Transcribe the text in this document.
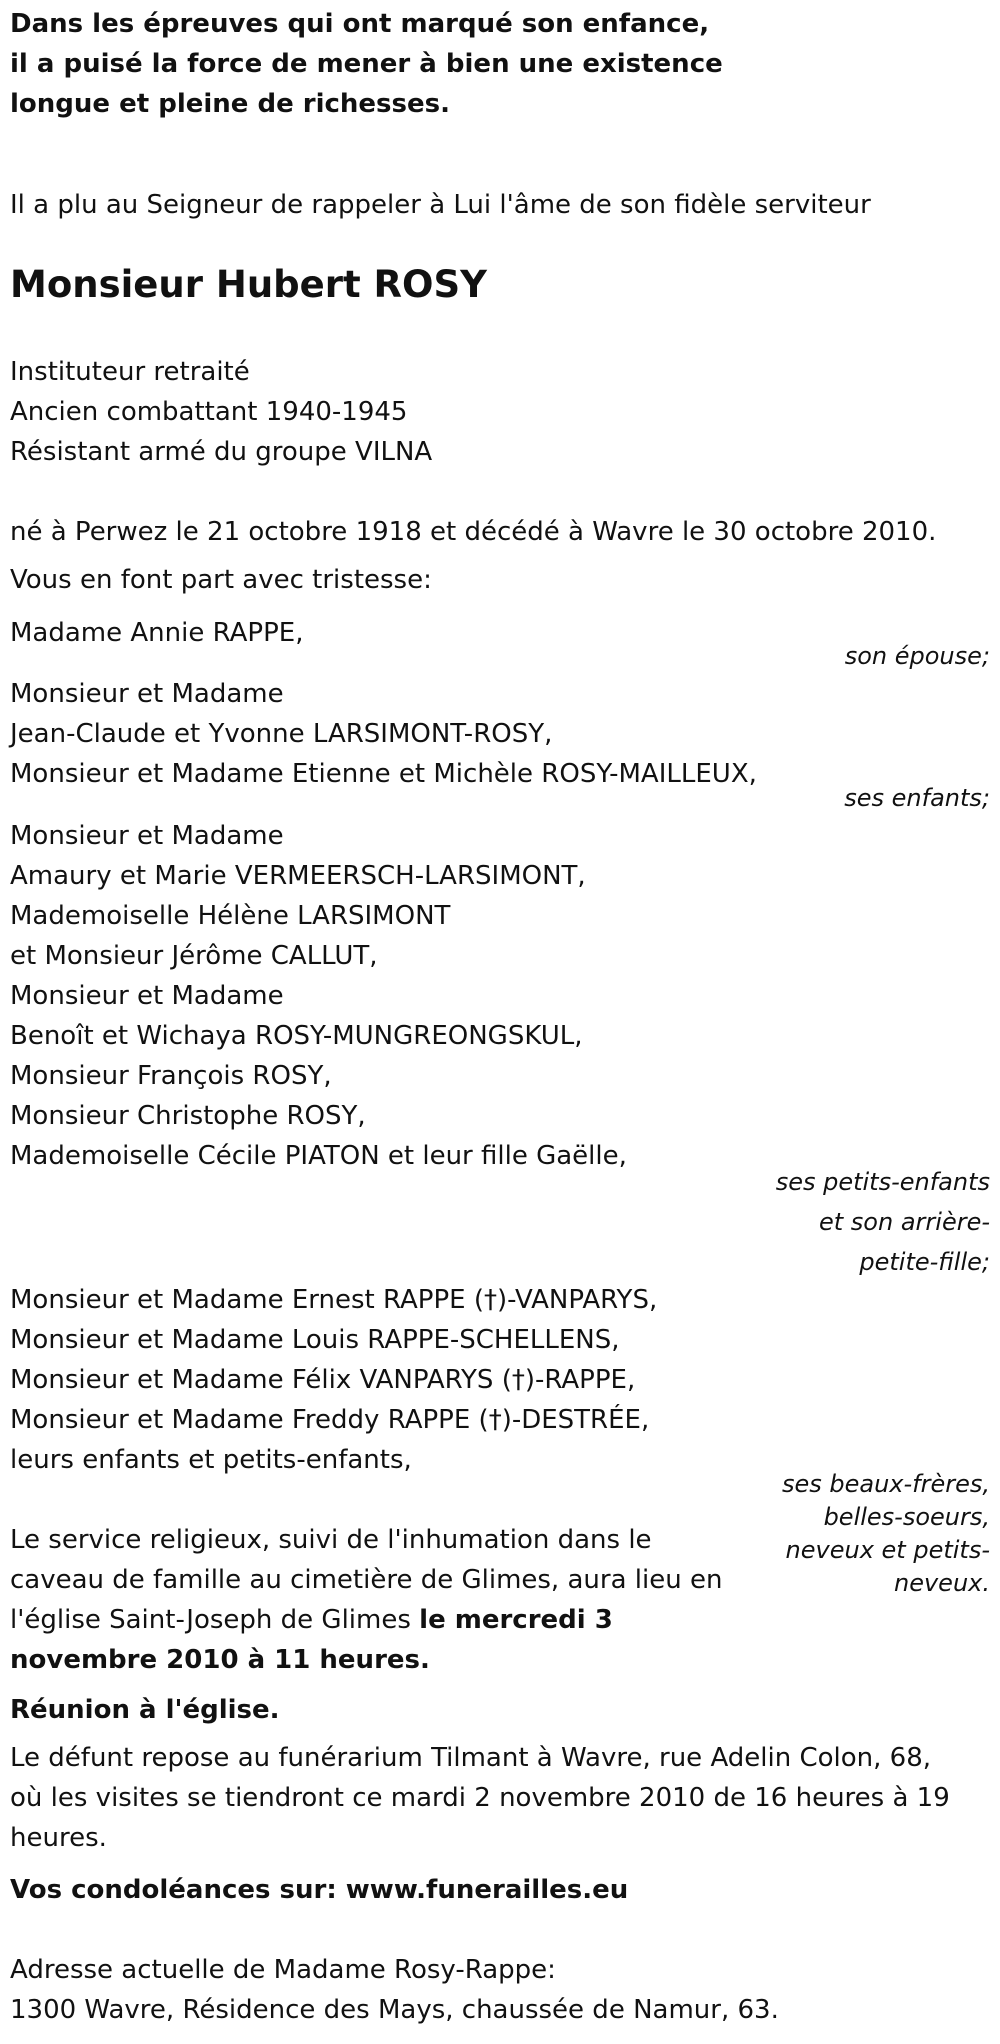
Dans les épreuves qui ont marqué son enfance,
il a puisé la force de mener à bien une existence
longue et pleine de richesses.
Il a plu au Seigneur de rappeler à Lui l'âme de son fidèle serviteur
Monsieur Hubert ROSY
Instituteur retraité
Ancien combattant 1940-1945
Résistant armé du groupe VILNA
né à Perwez le 21 octobre 1918 et décédé à Wavre le 30 octobre 2010.
Vous en font part avec tristesse:
Madame Annie RAPPE,
son épouse;
Monsieur et Madame
Jean-Claude et Yvonne LARSIMONT-ROSY,
Monsieur et Madame Etienne et Michèle ROSY-MAILLEUX,
ses enfants;
Monsieur et Madame
Amaury et Marie VERMEERSCH-LARSIMONT,
Mademoiselle Hélène LARSIMONT
et Monsieur Jérôme CALLUT,
Monsieur et Madame
Benoît et Wichaya ROSY-MUNGREONGSKUL,
Monsieur François ROSY,
Monsieur Christophe ROSY,
Mademoiselle Cécile PIATON et leur fille Gaëlle,
ses petits-enfants
et son arrière-
petite-fille;
Monsieur et Madame Ernest RAPPE (†)-VANPARYS,
Monsieur et Madame Louis RAPPE-SCHELLENS,
Monsieur et Madame Félix VANPARYS (†)-RAPPE,
Monsieur et Madame Freddy RAPPE (†)-DESTRÉE,
leurs enfants et petits-enfants,
ses beaux-frères,
belles-soeurs,
neveux et petits-
neveux.

Le service religieux, suivi de l'inhumation dans le caveau de famille au cimetière de Glimes, aura lieu en l'église Saint-Joseph de Glimes le mercredi 3 novembre 2010 à 11 heures.

Réunion à l'église.

Le défunt repose au funérarium Tilmant à Wavre, rue Adelin Colon, 68, où les visites se tiendront ce mardi 2 novembre 2010 de 16 heures à 19 heures.

Vos condoléances sur: www.funerailles.eu
Adresse actuelle de Madame Rosy-Rappe:
1300 Wavre, Résidence des Mays, chaussée de Namur, 63.
